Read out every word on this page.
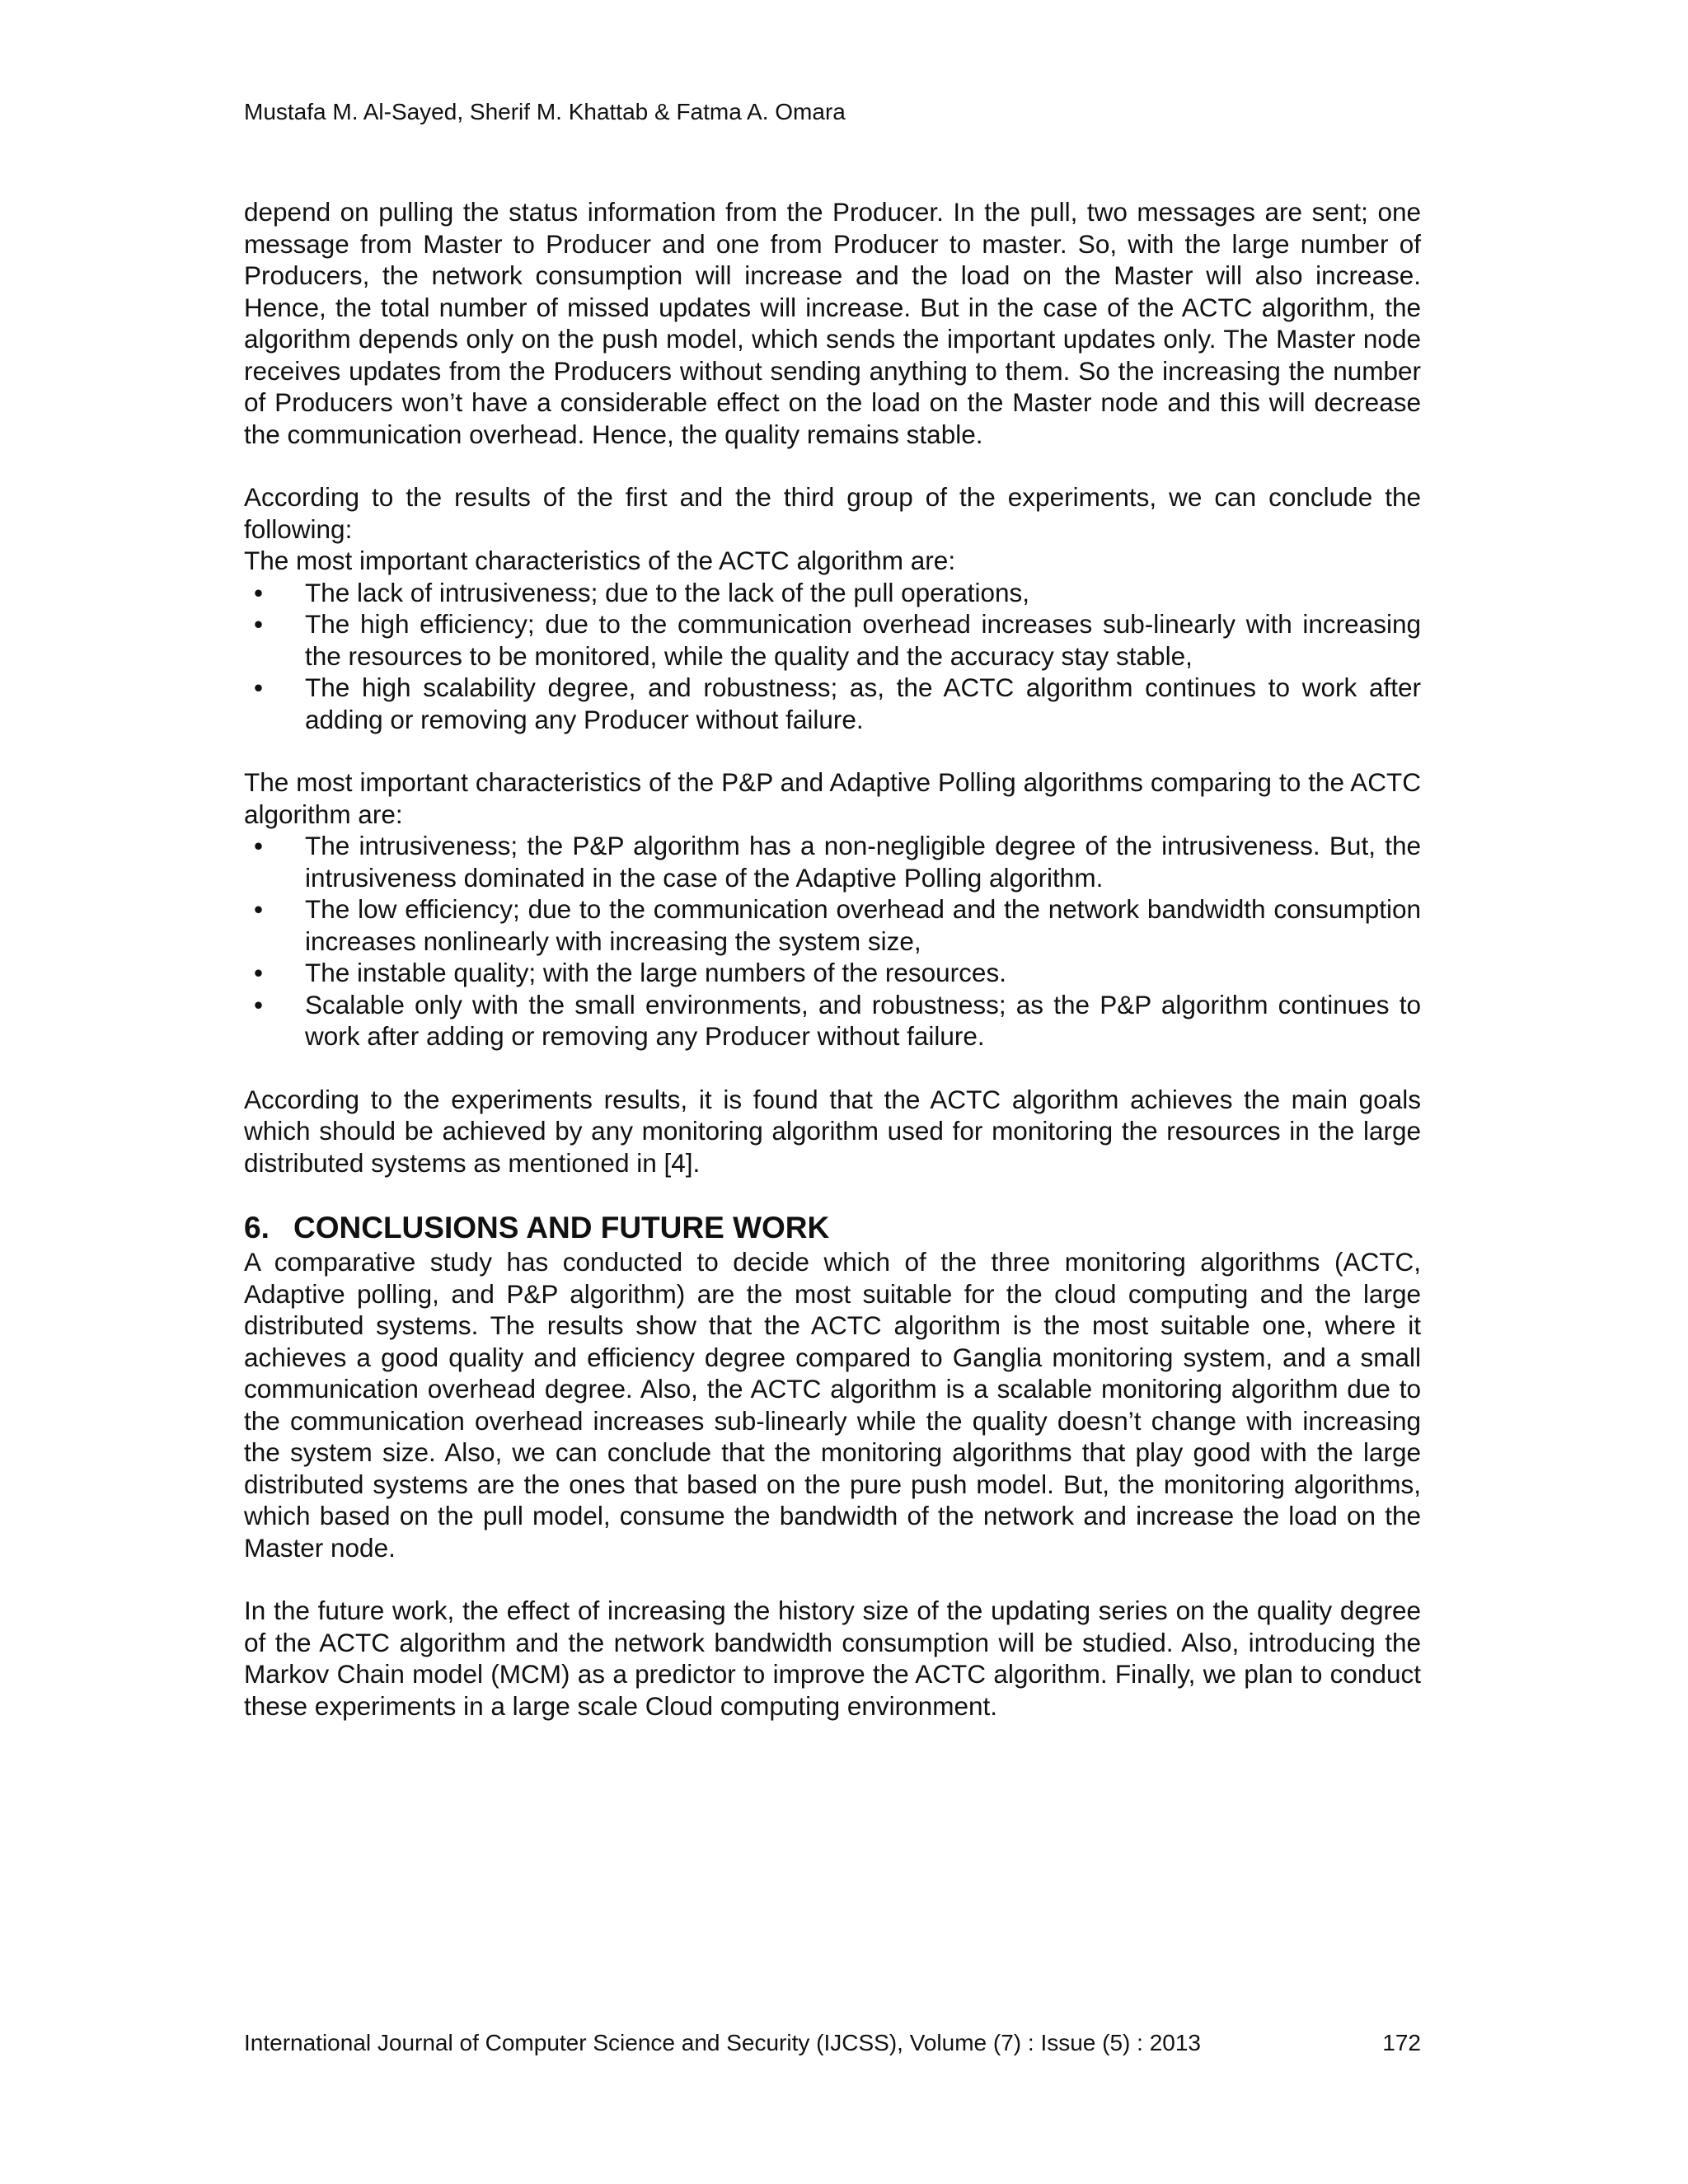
Mustafa M. Al-Sayed, Sherif M. Khattab & Fatma A. Omara

depend on pulling the status information from the Producer. In the pull, two messages are sent; one message from Master to Producer and one from Producer to master. So, with the large number of Producers, the network consumption will increase and the load on the Master will also increase. Hence, the total number of missed updates will increase. But in the case of the ACTC algorithm, the algorithm depends only on the push model, which sends the important updates only. The Master node receives updates from the Producers without sending anything to them. So the increasing the number of Producers won’t have a considerable effect on the load on the Master node and this will decrease the communication overhead. Hence, the quality remains stable.

According to the results of the first and the third group of the experiments, we can conclude the following:

The most important characteristics of the ACTC algorithm are:

•	The lack of intrusiveness; due to the lack of the pull operations,
•	The high efficiency; due to the communication overhead increases sub-linearly with increasing the resources to be monitored, while the quality and the accuracy stay stable,
•	The high scalability degree, and robustness; as, the ACTC algorithm continues to work after adding or removing any Producer without failure.

The most important characteristics of the P&P and Adaptive Polling algorithms comparing to the ACTC algorithm are:

•	The intrusiveness; the P&P algorithm has a non-negligible degree of the intrusiveness. But, the intrusiveness dominated in the case of the Adaptive Polling algorithm.
•	The low efficiency; due to the communication overhead and the network bandwidth consumption increases nonlinearly with increasing the system size,
•	The instable quality; with the large numbers of the resources.
•	Scalable only with the small environments, and robustness; as the P&P algorithm continues to work after adding or removing any Producer without failure.

According to the experiments results, it is found that the ACTC algorithm achieves the main goals which should be achieved by any monitoring algorithm used for monitoring the resources in the large distributed systems as mentioned in [4].

6. CONCLUSIONS AND FUTURE WORK

A comparative study has conducted to decide which of the three monitoring algorithms (ACTC, Adaptive polling, and P&P algorithm) are the most suitable for the cloud computing and the large distributed systems. The results show that the ACTC algorithm is the most suitable one, where it achieves a good quality and efficiency degree compared to Ganglia monitoring system, and a small communication overhead degree. Also, the ACTC algorithm is a scalable monitoring algorithm due to the communication overhead increases sub-linearly while the quality doesn’t change with increasing the system size. Also, we can conclude that the monitoring algorithms that play good with the large distributed systems are the ones that based on the pure push model. But, the monitoring algorithms, which based on the pull model, consume the bandwidth of the network and increase the load on the Master node.

In the future work, the effect of increasing the history size of the updating series on the quality degree of the ACTC algorithm and the network bandwidth consumption will be studied. Also, introducing the Markov Chain model (MCM) as a predictor to improve the ACTC algorithm. Finally, we plan to conduct these experiments in a large scale Cloud computing environment.

International Journal of Computer Science and Security (IJCSS), Volume (7) : Issue (5) : 2013	172
